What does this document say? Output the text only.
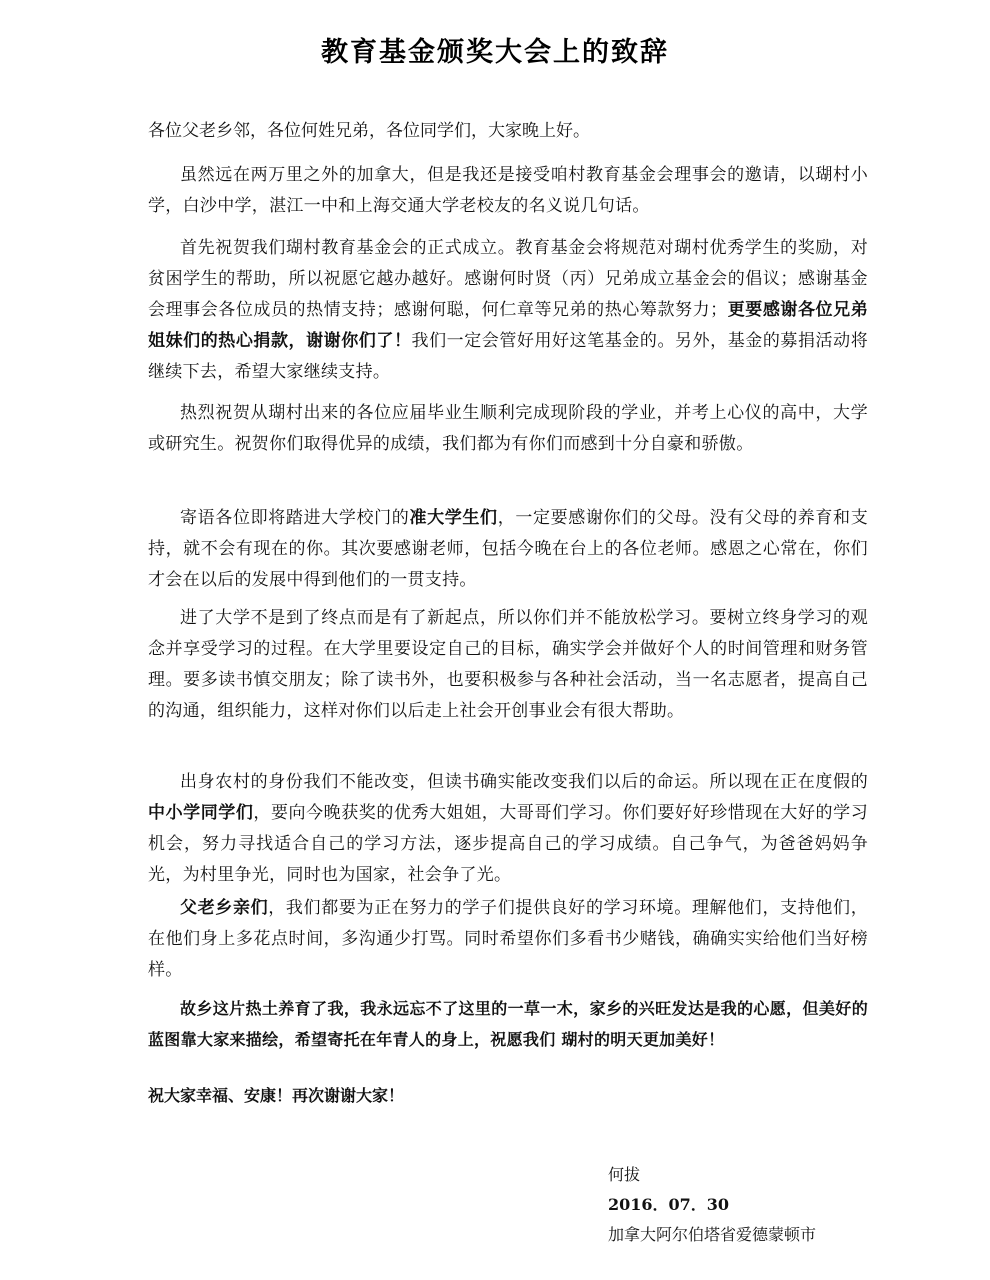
教育基金颁奖大会上的致辞
各位父老乡邻，各位何姓兄弟，各位同学们，大家晚上好。
虽然远在两万里之外的加拿大，但是我还是接受咱村教育基金会理事会的邀请，以瑚村小学，白沙中学，湛江一中和上海交通大学老校友的名义说几句话。
首先祝贺我们瑚村教育基金会的正式成立。教育基金会将规范对瑚村优秀学生的奖励，对贫困学生的帮助，所以祝愿它越办越好。感谢何时贤（丙）兄弟成立基金会的倡议；感谢基金会理事会各位成员的热情支持；感谢何聪，何仁章等兄弟的热心筹款努力；更要感谢各位兄弟姐妹们的热心捐款，谢谢你们了！我们一定会管好用好这笔基金的。另外，基金的募捐活动将继续下去，希望大家继续支持。
热烈祝贺从瑚村出来的各位应届毕业生顺利完成现阶段的学业，并考上心仪的高中，大学或研究生。祝贺你们取得优异的成绩，我们都为有你们而感到十分自豪和骄傲。
寄语各位即将踏进大学校门的准大学生们，一定要感谢你们的父母。没有父母的养育和支持，就不会有现在的你。其次要感谢老师，包括今晚在台上的各位老师。感恩之心常在，你们才会在以后的发展中得到他们的一贯支持。
进了大学不是到了终点而是有了新起点，所以你们并不能放松学习。要树立终身学习的观念并享受学习的过程。在大学里要设定自己的目标，确实学会并做好个人的时间管理和财务管理。要多读书慎交朋友；除了读书外，也要积极参与各种社会活动，当一名志愿者，提高自己的沟通，组织能力，这样对你们以后走上社会开创事业会有很大帮助。
出身农村的身份我们不能改变，但读书确实能改变我们以后的命运。所以现在正在度假的中小学同学们，要向今晚获奖的优秀大姐姐，大哥哥们学习。你们要好好珍惜现在大好的学习机会，努力寻找适合自己的学习方法，逐步提高自己的学习成绩。自己争气，为爸爸妈妈争光，为村里争光，同时也为国家，社会争了光。
父老乡亲们，我们都要为正在努力的学子们提供良好的学习环境。理解他们，支持他们，在他们身上多花点时间，多沟通少打骂。同时希望你们多看书少赌钱，确确实实给他们当好榜样。
故乡这片热土养育了我，我永远忘不了这里的一草一木，家乡的兴旺发达是我的心愿，但美好的蓝图靠大家来描绘，希望寄托在年青人的身上，祝愿我们 瑚村的明天更加美好！
祝大家幸福、安康！再次谢谢大家！
何拔
2016．07．30
加拿大阿尔伯塔省爱德蒙顿市
